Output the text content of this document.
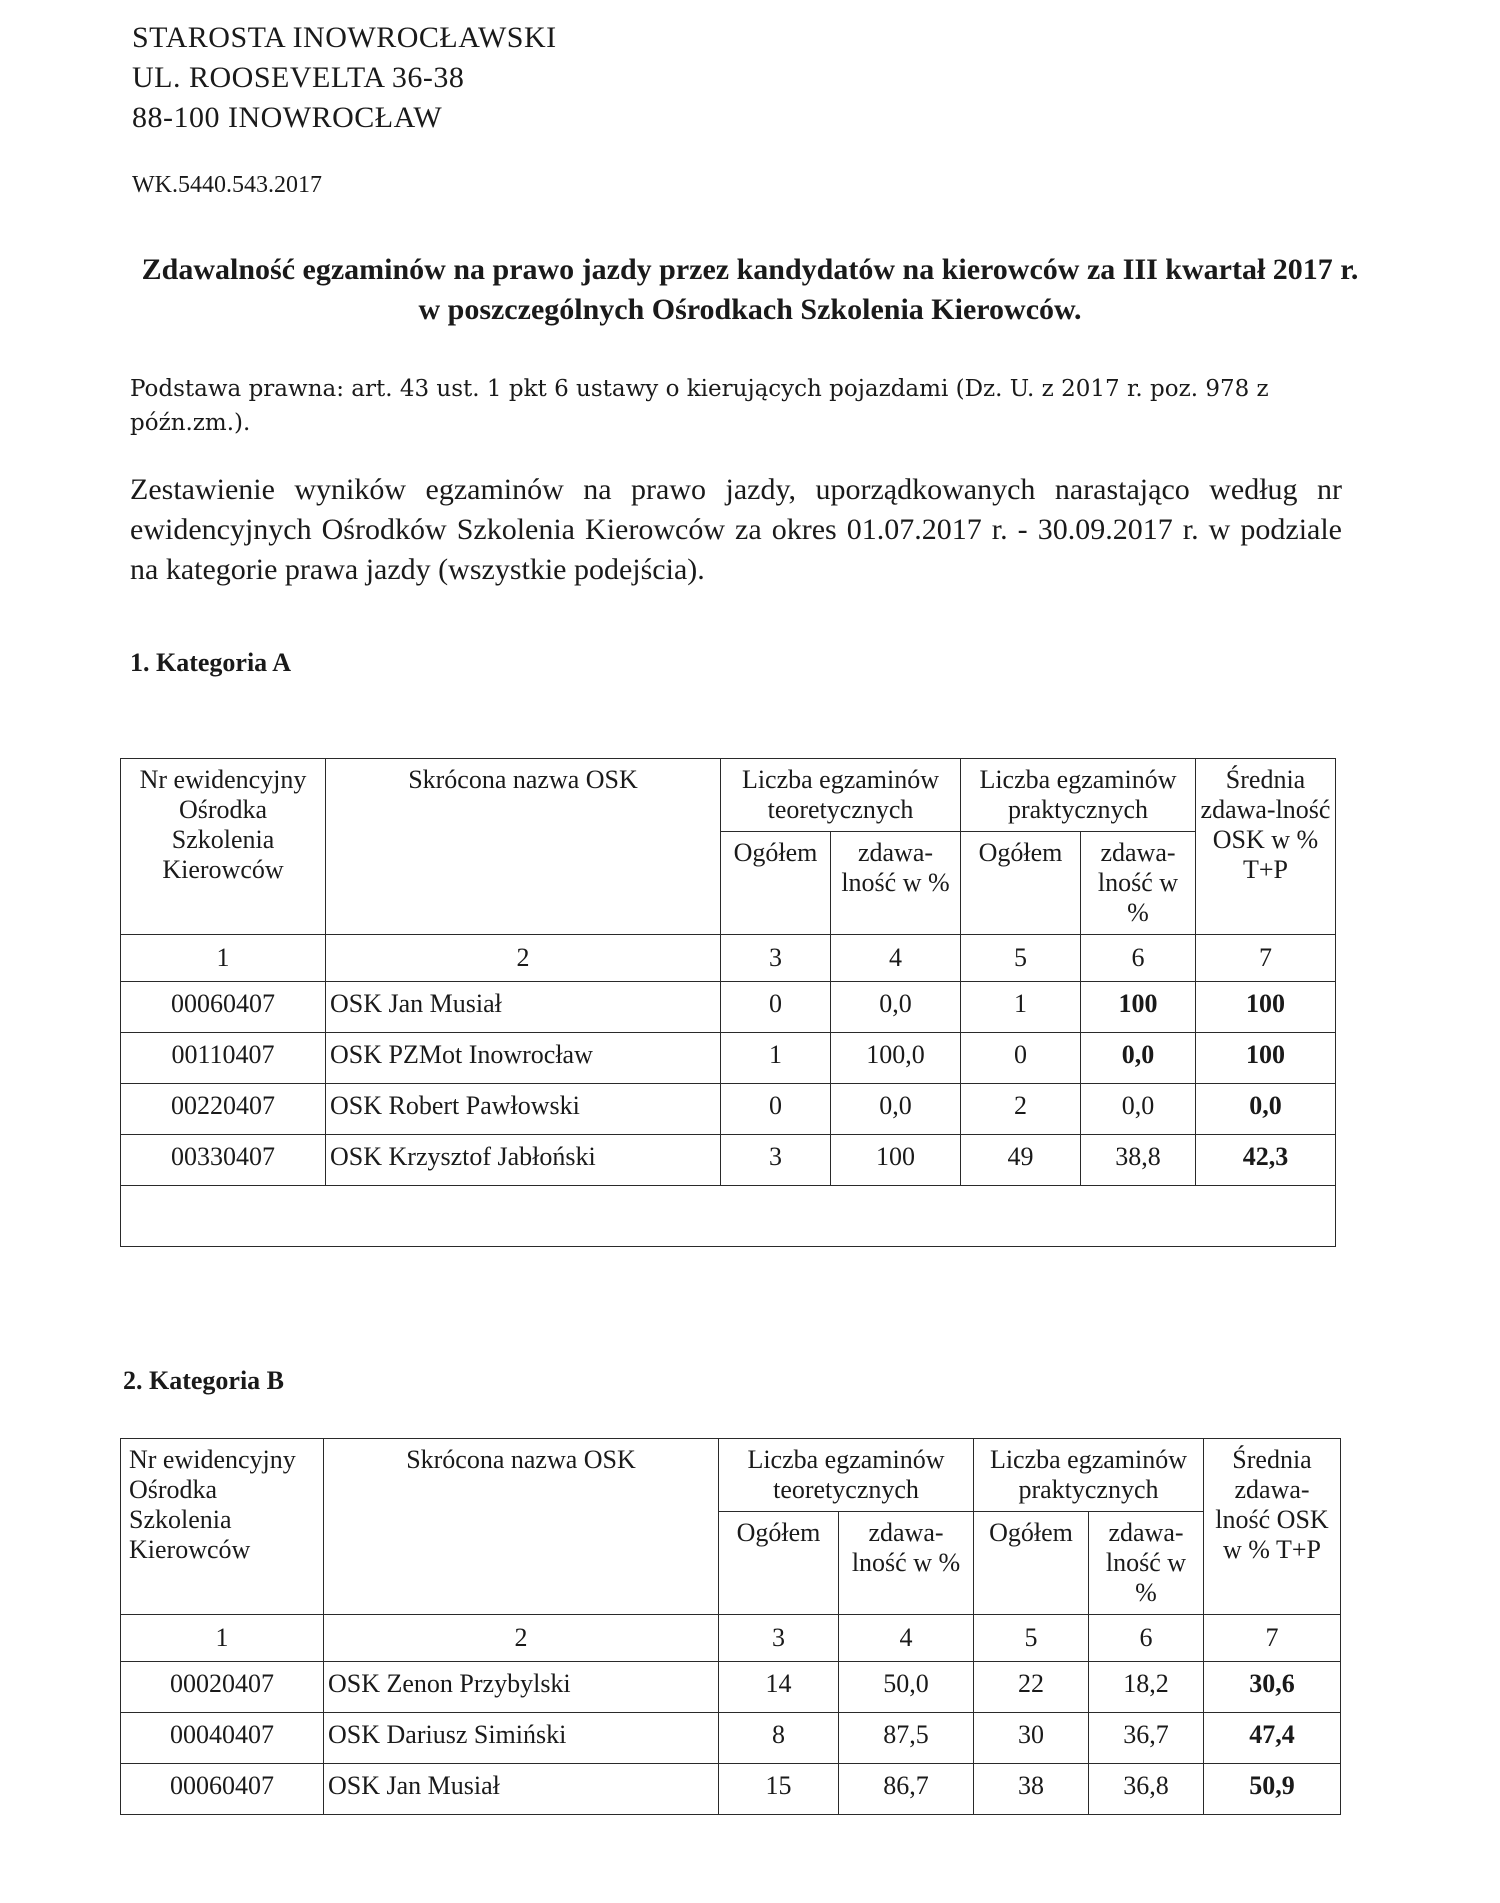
STAROSTA INOWROCŁAWSKI
UL. ROOSEVELTA 36-38
88-100 INOWROCŁAW
WK.5440.543.2017
Zdawalność egzaminów na prawo jazdy przez kandydatów na kierowców za III kwartał 2017 r. w poszczególnych Ośrodkach Szkolenia Kierowców.
Podstawa prawna: art. 43 ust. 1 pkt 6 ustawy o kierujących pojazdami (Dz. U. z 2017 r. poz. 978 z późn.zm.).
Zestawienie wyników egzaminów na prawo jazdy, uporządkowanych narastająco według nr ewidencyjnych Ośrodków Szkolenia Kierowców za okres 01.07.2017 r. - 30.09.2017 r. w podziale na kategorie prawa jazdy (wszystkie podejścia).
1. Kategoria A
Nr ewidencyjny Ośrodka Szkolenia Kierowców	Skrócona nazwa OSK	Liczba egzaminów teoretycznych		Liczba egzaminów praktycznych		Średnia zdawa-lność OSK w % T+P
		Ogółem	zdawa-lność w %	Ogółem	zdawa-lność w %	
1	2	3	4	5	6	7
00060407	OSK Jan Musiał	0	0,0	1	100	100
00110407	OSK PZMot Inowrocław	1	100,0	0	0,0	100
00220407	OSK Robert Pawłowski	0	0,0	2	0,0	0,0
00330407	OSK Krzysztof Jabłoński	3	100	49	38,8	42,3

2. Kategoria B
Nr ewidencyjny Ośrodka Szkolenia Kierowców	Skrócona nazwa OSK	Liczba egzaminów teoretycznych		Liczba egzaminów praktycznych		Średnia zdawa-lność OSK w % T+P
		Ogółem	zdawa-lność w %	Ogółem	zdawa-lność w %	
1	2	3	4	5	6	7
00020407	OSK Zenon Przybylski	14	50,0	22	18,2	30,6
00040407	OSK Dariusz Simiński	8	87,5	30	36,7	47,4
00060407	OSK Jan Musiał	15	86,7	38	36,8	50,9
